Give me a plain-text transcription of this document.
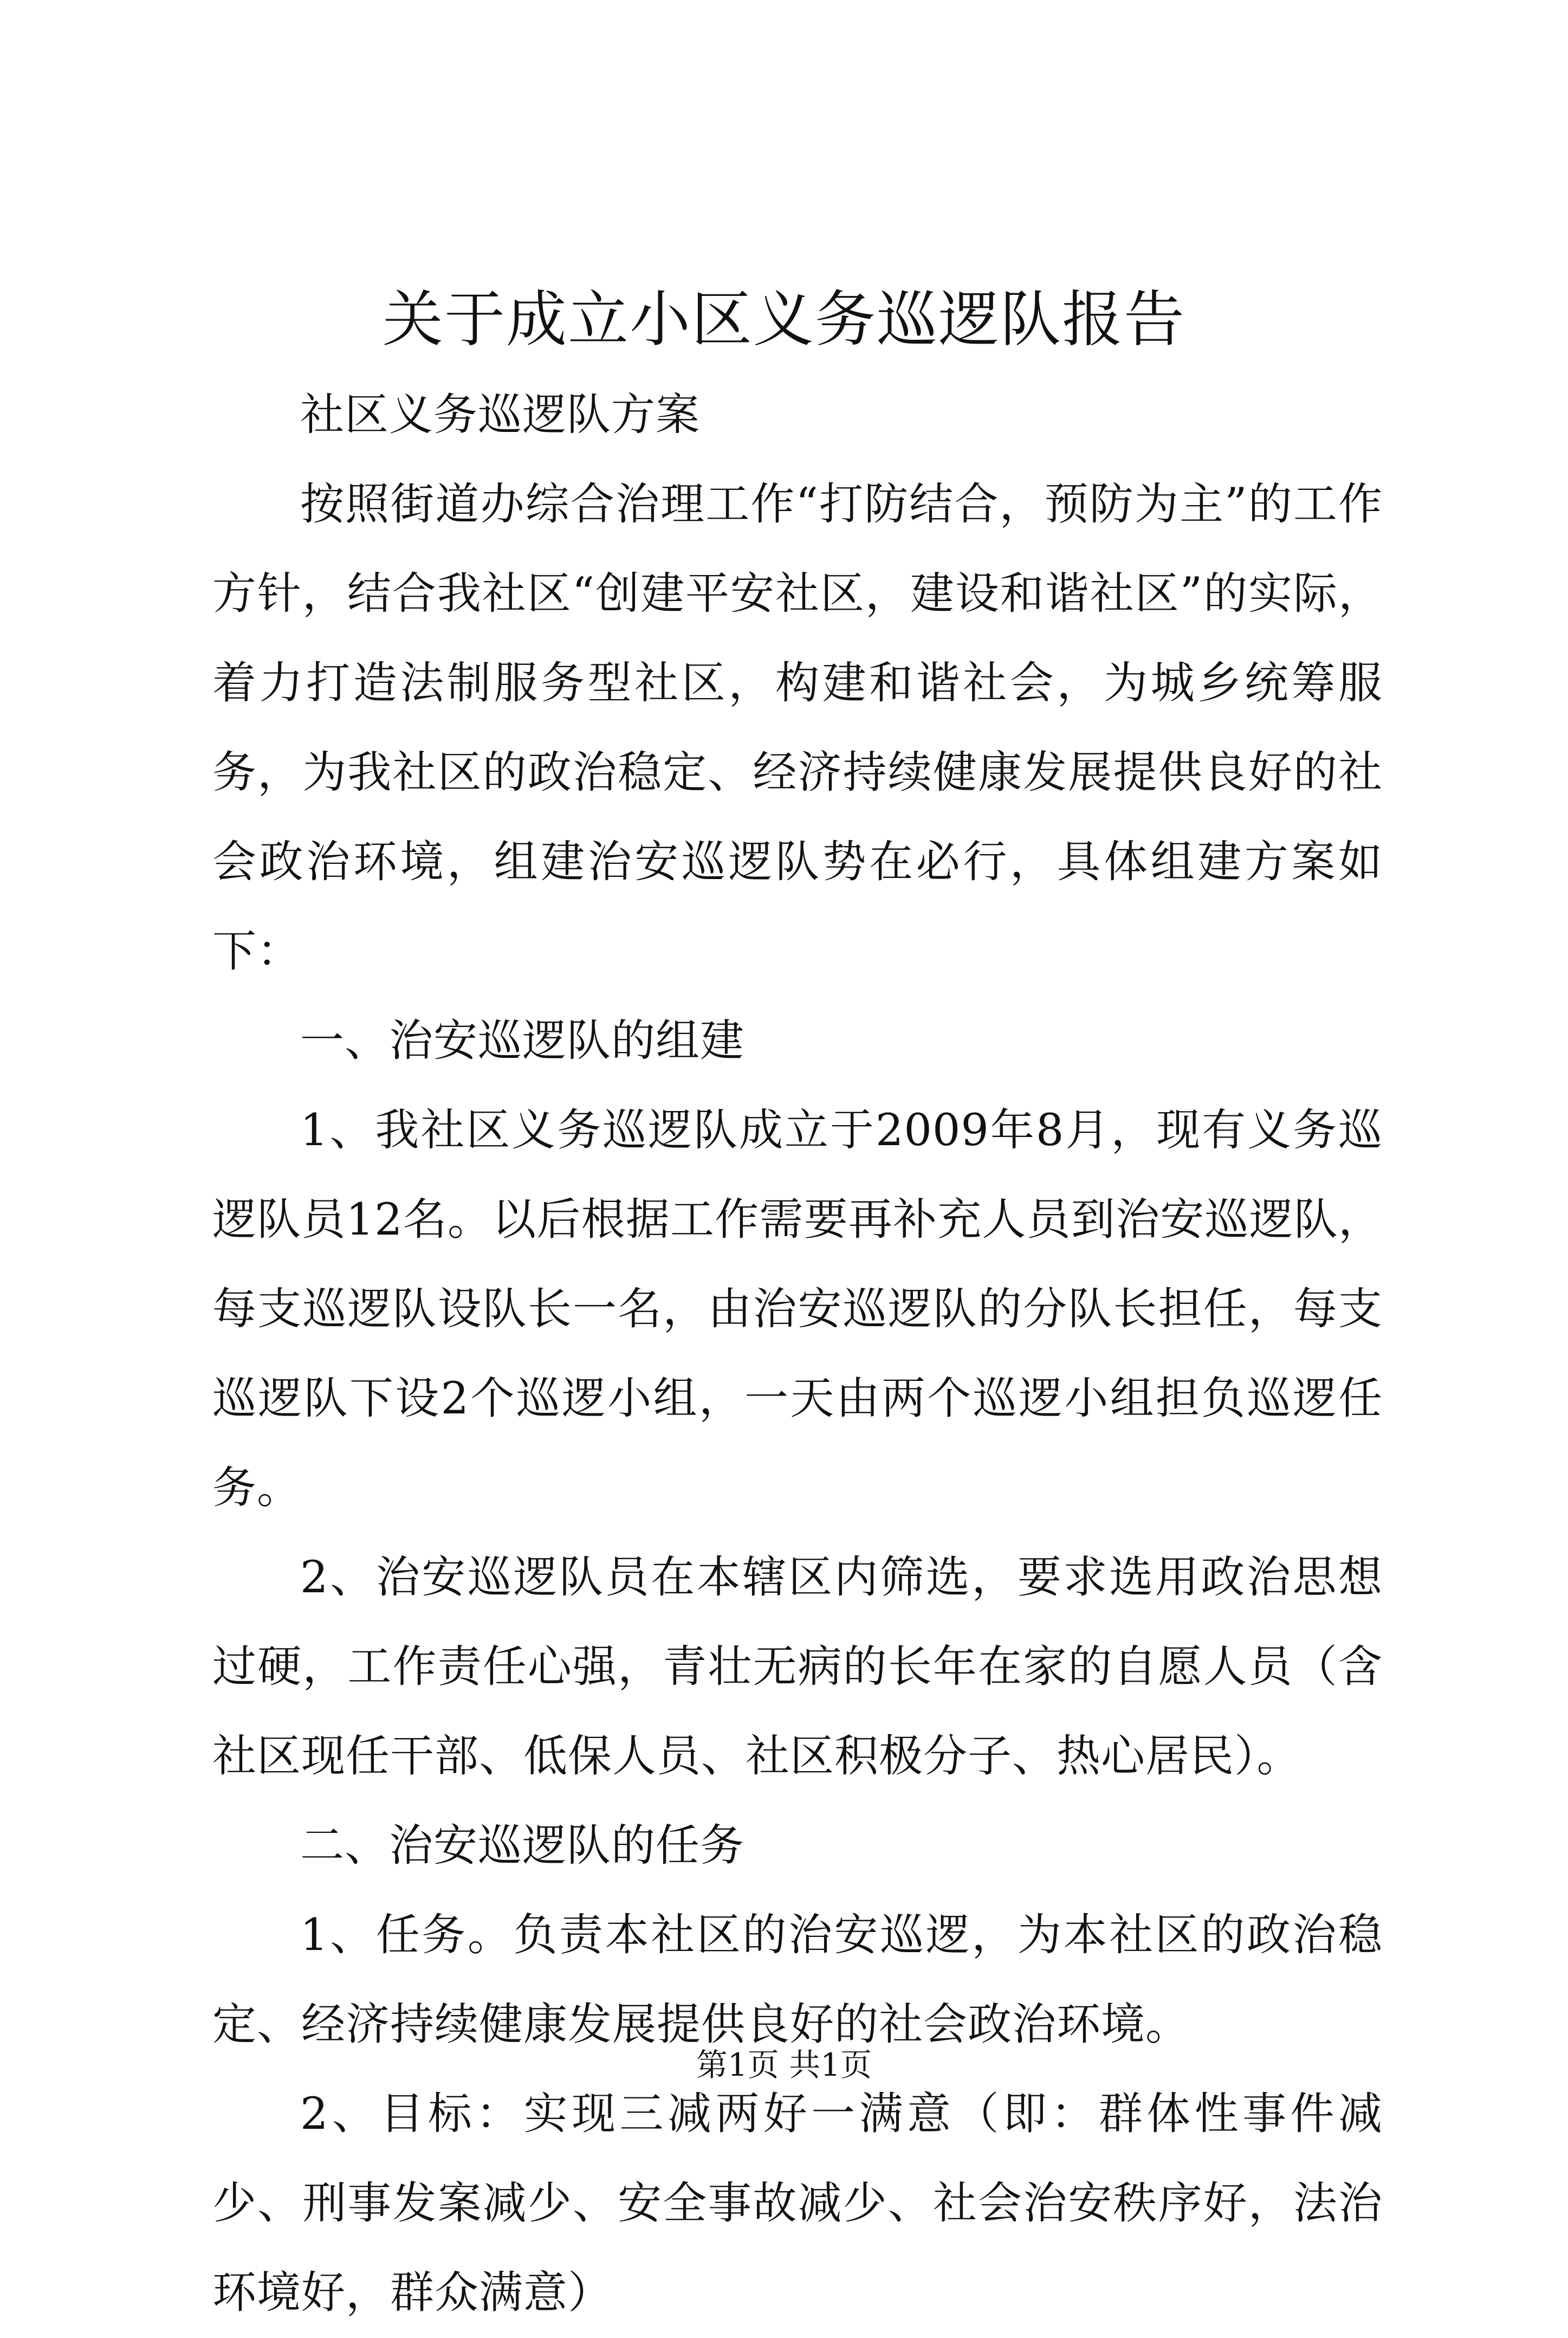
关于成立小区义务巡逻队报告

社区义务巡逻队方案

按照街道办综合治理工作“打防结合，预防为主”的工作方针，结合我社区“创建平安社区，建设和谐社区”的实际，着力打造法制服务型社区，构建和谐社会，为城乡统筹服务，为我社区的政治稳定、经济持续健康发展提供良好的社会政治环境，组建治安巡逻队势在必行，具体组建方案如下：

一、治安巡逻队的组建

1、我社区义务巡逻队成立于2009年8月，现有义务巡逻队员12名。以后根据工作需要再补充人员到治安巡逻队，每支巡逻队设队长一名，由治安巡逻队的分队长担任，每支巡逻队下设2个巡逻小组，一天由两个巡逻小组担负巡逻任务。

2、治安巡逻队员在本辖区内筛选，要求选用政治思想过硬，工作责任心强，青壮无病的长年在家的自愿人员（含社区现任干部、低保人员、社区积极分子、热心居民）。

二、治安巡逻队的任务

1、任务。负责本社区的治安巡逻，为本社区的政治稳定、经济持续健康发展提供良好的社会政治环境。

2、目标：实现三减两好一满意（即：群体性事件减少、刑事发案减少、安全事故减少、社会治安秩序好，法治环境好，群众满意）

第1页 共1页
